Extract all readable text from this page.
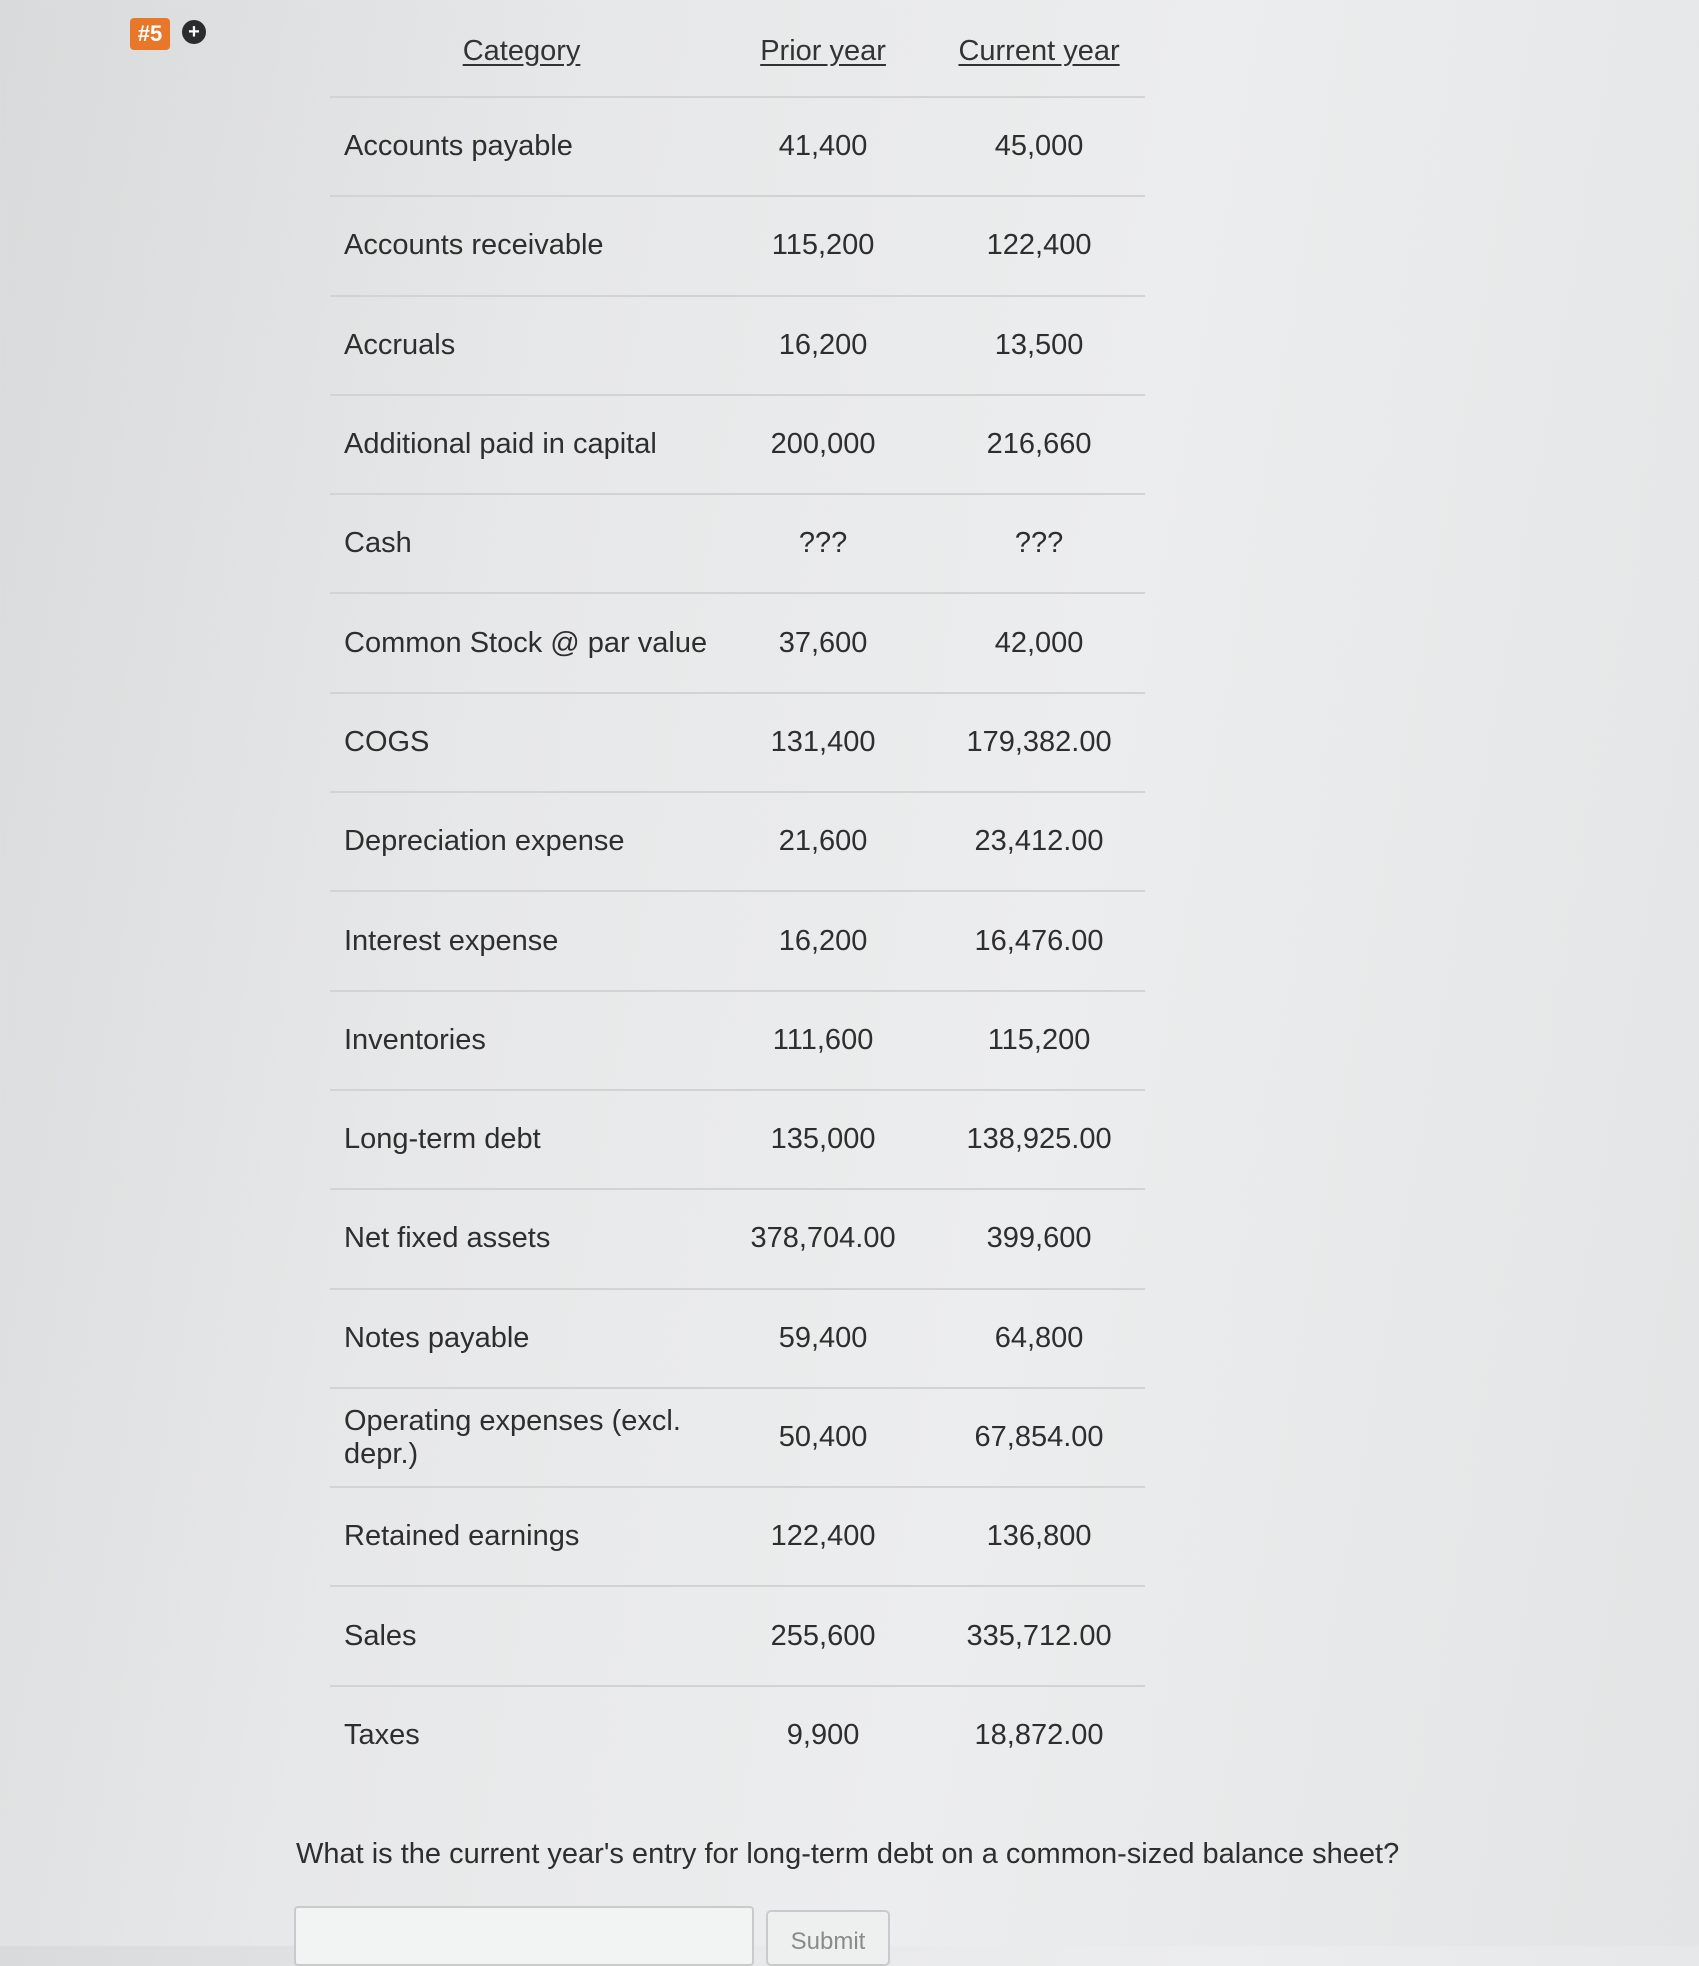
#5	+
Category	Prior year	Current year
Accounts payable	41,400	45,000
Accounts receivable	115,200	122,400
Accruals	16,200	13,500
Additional paid in capital	200,000	216,660
Cash	???	???
Common Stock @ par value	37,600	42,000
COGS	131,400	179,382.00
Depreciation expense	21,600	23,412.00
Interest expense	16,200	16,476.00
Inventories	111,600	115,200
Long-term debt	135,000	138,925.00
Net fixed assets	378,704.00	399,600
Notes payable	59,400	64,800
Operating expenses (excl. depr.)	50,400	67,854.00
Retained earnings	122,400	136,800
Sales	255,600	335,712.00
Taxes	9,900	18,872.00
What is the current year's entry for long-term debt on a common-sized balance sheet?
Submit
